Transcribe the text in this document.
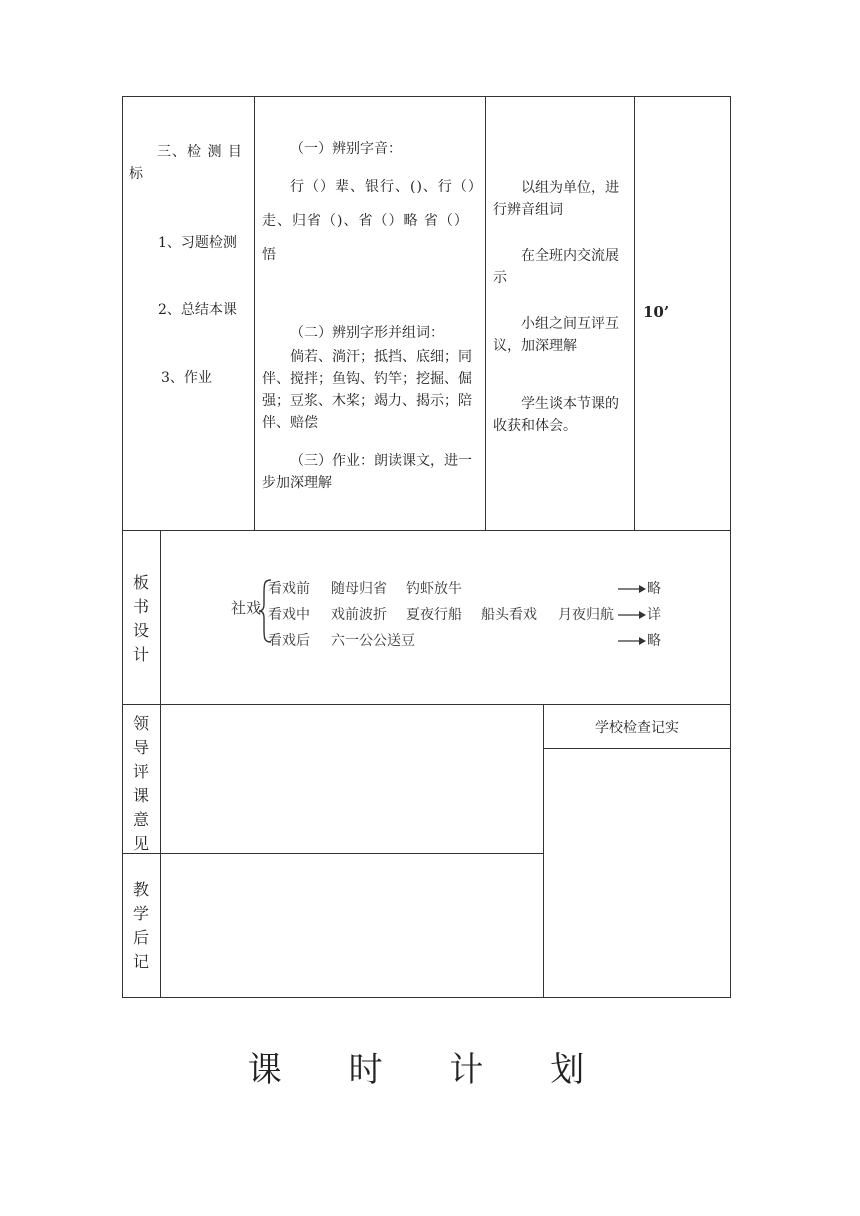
三、检 测 目标

1、习题检测
2、总结本课
3、作业

（一）辨别字音：

行（）辈、银行、()、行（）走、归省（)、省（）略 省（）悟

（二）辨别字形并组词：

倘若、淌汗；抵挡、底细；同伴、搅拌；鱼钩、钓竿；挖掘、倔强；豆浆、木桨；竭力、揭示；陪伴、赔偿

（三）作业：朗读课文，进一步加深理解

以组为单位，进行辨音组词

在全班内交流展示

小组之间互评互议，加深理解

学生谈本节课的收获和体会。

10’
板
书
设
计
社戏
看戏前 随母归省 钓虾放牛	略
看戏中 戏前波折 夏夜行船 船头看戏 月夜归航 详
看戏后 六一公公送豆	略
领
导
评
课
意
见
学校检查记实
教
学
后
记
课 时 计 划
